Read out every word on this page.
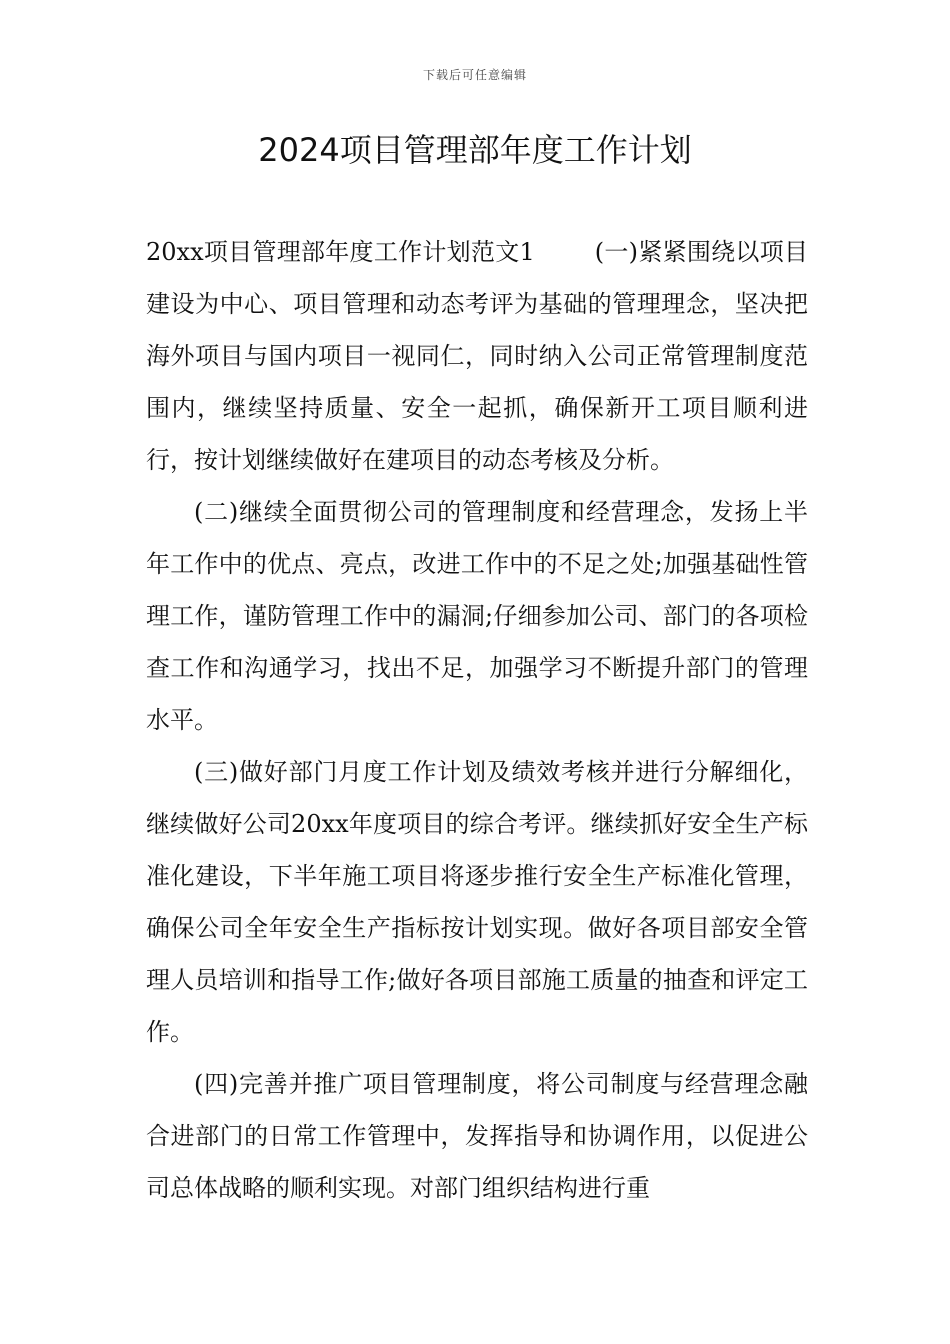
下载后可任意编辑
2024项目管理部年度工作计划

20xx项目管理部年度工作计划范文1	(一)紧紧围绕以项目建设为中心、项目管理和动态考评为基础的管理理念，坚决把海外项目与国内项目一视同仁，同时纳入公司正常管理制度范围内，继续坚持质量、安全一起抓，确保新开工项目顺利进行，按计划继续做好在建项目的动态考核及分析。

(二)继续全面贯彻公司的管理制度和经营理念，发扬上半年工作中的优点、亮点，改进工作中的不足之处;加强基础性管理工作，谨防管理工作中的漏洞;仔细参加公司、部门的各项检查工作和沟通学习，找出不足，加强学习不断提升部门的管理水平。

(三)做好部门月度工作计划及绩效考核并进行分解细化，继续做好公司20xx年度项目的综合考评。继续抓好安全生产标准化建设，下半年施工项目将逐步推行安全生产标准化管理，确保公司全年安全生产指标按计划实现。做好各项目部安全管理人员培训和指导工作;做好各项目部施工质量的抽查和评定工作。

(四)完善并推广项目管理制度，将公司制度与经营理念融合进部门的日常工作管理中，发挥指导和协调作用，以促进公司总体战略的顺利实现。对部门组织结构进行重
